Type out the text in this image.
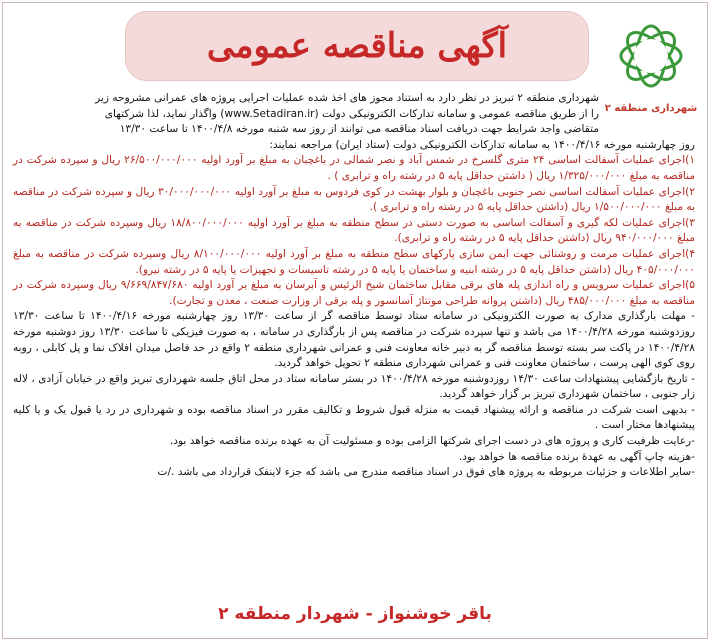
شهرداری منطقه ۲
آگهی مناقصه عمومی

شهرداری منطقه ۲ تبریز در نظر دارد به استناد مجوز های اخذ شده عملیات اجرایی پروژه های عمرانی مشروحه زیر

را از طریق مناقصه عمومی و سامانه تدارکات الکترونیکی دولت (www.Setadiran.ir) واگذار نماید، لذا شرکتهای

متقاضی واجد شرایط جهت دریافت اسناد مناقصه می توانند از روز سه شنبه مورخه ۱۴۰۰/۴/۸ تا ساعت ۱۳/۳۰

روز چهارشنبه مورخه ۱۴۰۰/۴/۱۶ به سامانه تدارکات الکترونیکی دولت (ستاد ایران) مراجعه نمایند:

۱)اجرای عملیات آسفالت اساسی ۲۴ متری گلسرخ در شمس آباد و نصر شمالی در باغچبان به مبلغ بر آورد اولیه ۲۶/۵۰۰/۰۰۰/۰۰۰ ریال و سپرده شرکت در مناقصه به مبلغ ۱/۳۲۵/۰۰۰/۰۰۰ ریال ( داشتن حداقل پایه ۵ در رشته راه و ترابری ) .

۲)اجرای عملیات آسفالت اساسی نصر جنوبی باغچبان و بلوار بهشت در کوی فردوس به مبلغ بر آورد اولیه ۳۰/۰۰۰/۰۰۰/۰۰۰ ریال و سپرده شرکت در مناقصه به مبلغ ۱/۵۰۰/۰۰۰/۰۰۰ ریال (داشتن حداقل پایه ۵ در رشته راه و ترابری ).

۳)اجرای عملیات لکه گیری و آسفالت اساسی به صورت دستی در سطح منطقه به مبلغ بر آورد اولیه ۱۸/۸۰۰/۰۰۰/۰۰۰ ریال وسپرده شرکت در مناقصه به مبلغ ۹۴۰/۰۰۰/۰۰۰ ریال (داشتن حداقل پایه ۵ در رشته راه و ترابری).

۴)اجرای عملیات مرمت و روشنائی جهت ایمن سازی پارکهای سطح منطقه به مبلغ بر آورد اولیه ۸/۱۰۰/۰۰۰/۰۰۰ ریال وسپرده شرکت در مناقصه به مبلغ ۴۰۵/۰۰۰/۰۰۰ ریال (داشتن حداقل پایه ۵ در رشته ابنیه و ساختمان یا پایه ۵ در رشته تاسیسات و تجهیزات یا پایه ۵ در رشته نیرو).

۵)اجرای عملیات سرویس و راه اندازی پله های برقی مقابل ساختمان شیخ الرئیس و آبرسان به مبلغ بر آورد اولیه ۹/۶۶۹/۸۴۷/۶۸۰ ریال وسپرده شرکت در مناقصه به مبلغ ۴۸۵/۰۰۰/۰۰۰ ریال (داشتن پروانه طراحی مونتاژ آسانسور و پله برقی از وزارت صنعت ، معدن و تجارت).

- مهلت بارگذاری مدارک به صورت الکترونیکی در سامانه ستاد توسط مناقصه گر از ساعت ۱۳/۳۰ روز چهارشنبه مورخه ۱۴۰۰/۴/۱۶ تا ساعت ۱۳/۳۰ روزدوشنبه مورخه ۱۴۰۰/۴/۲۸ می باشد و تنها سپرده شرکت در مناقصه پس از بارگذاری در سامانه ، به صورت فیزیکی تا ساعت ۱۳/۳۰ روز دوشنبه مورخه ۱۴۰۰/۴/۲۸ در پاکت سر بسته توسط مناقصه گر به دبیر خانه معاونت فنی و عمرانی شهرداری منطقه ۲ واقع در حد فاصل میدان افلاک نما و پل کابلی ، روبه روی کوی الهی پرست ، ساختمان معاونت فنی و عمرانی شهرداری منطقه ۲ تحویل خواهد گردید.

- تاریخ بازگشایی پیشنهادات ساعت ۱۴/۳۰ روزدوشنبه مورخه ۱۴۰۰/۴/۲۸ در بستر سامانه ستاد در محل اتاق جلسه شهرداری تبریز واقع در خیابان آزادی ، لاله زار جنوبی ، ساختمان شهرداری تبریز بر گزار خواهد گردید.

- بدیهی است شرکت در مناقصه و ارائه پیشنهاد قیمت به منزله قبول شروط و تکالیف مقرر در اسناد مناقصه بوده و شهرداری در رد یا قبول یک و یا کلیه پیشنهادها مختار است .

-رعایت ظرفیت کاری و پروژه های در دست اجرای شرکتها الزامی بوده و مسئولیت آن به عهده برنده مناقصه خواهد بود.

-هزینه چاپ آگهی به عهدهٔ برنده مناقصه ها خواهد بود.

-سایر اطلاعات و جزئیات مربوطه به پروژه های فوق در اسناد مناقصه مندرج می باشد که جزء لاینفک قرارداد می باشد ./ت

باقر خوشنواز - شهردار منطقه ۲
